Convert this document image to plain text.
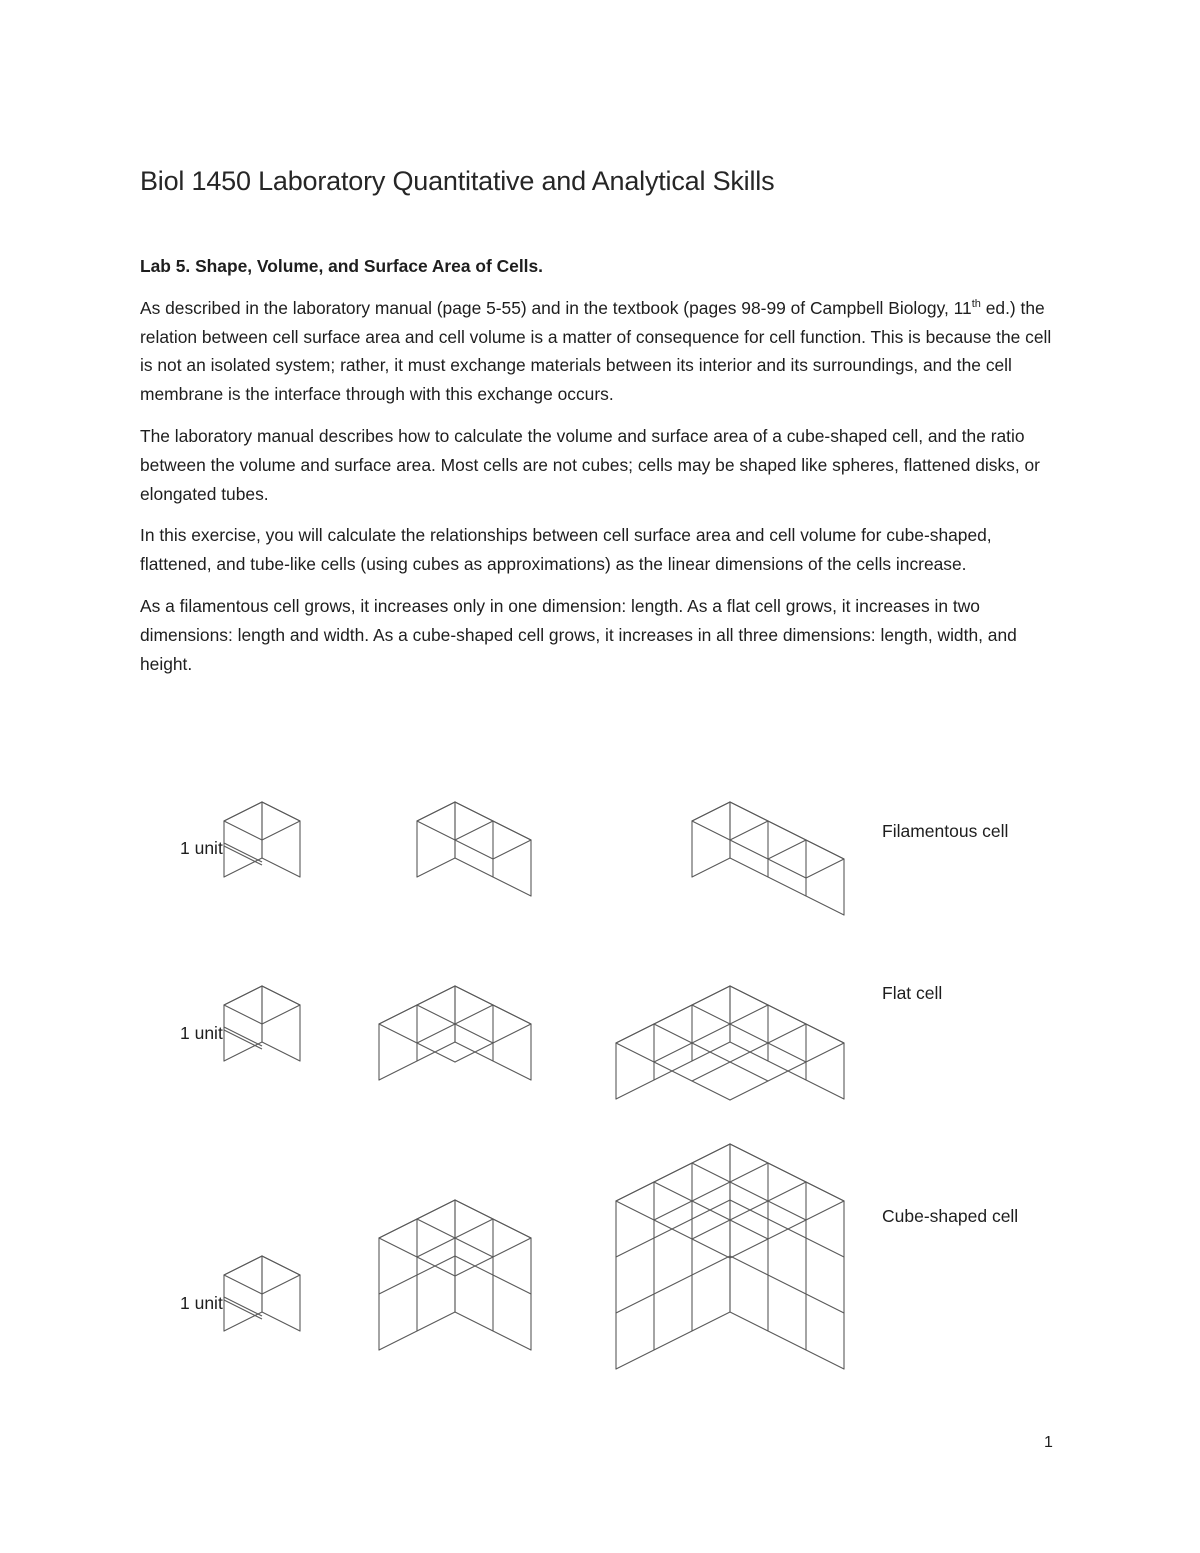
Biol 1450 Laboratory Quantitative and Analytical Skills

Lab 5. Shape, Volume, and Surface Area of Cells.

As described in the laboratory manual (page 5-55) and in the textbook (pages 98-99 of Campbell Biology, 11th ed.) the relation between cell surface area and cell volume is a matter of consequence for cell function. This is because the cell is not an isolated system; rather, it must exchange materials between its interior and its surroundings, and the cell membrane is the interface through with this exchange occurs.

The laboratory manual describes how to calculate the volume and surface area of a cube-shaped cell, and the ratio between the volume and surface area. Most cells are not cubes; cells may be shaped like spheres, flattened disks, or elongated tubes.

In this exercise, you will calculate the relationships between cell surface area and cell volume for cube-shaped, flattened, and tube-like cells (using cubes as approximations) as the linear dimensions of the cells increase.

As a filamentous cell grows, it increases only in one dimension: length. As a flat cell grows, it increases in two dimensions: length and width. As a cube-shaped cell grows, it increases in all three dimensions: length, width, and height.

1 unit
1 unit
1 unit
Filamentous cell
Flat cell
Cube-shaped cell
1
